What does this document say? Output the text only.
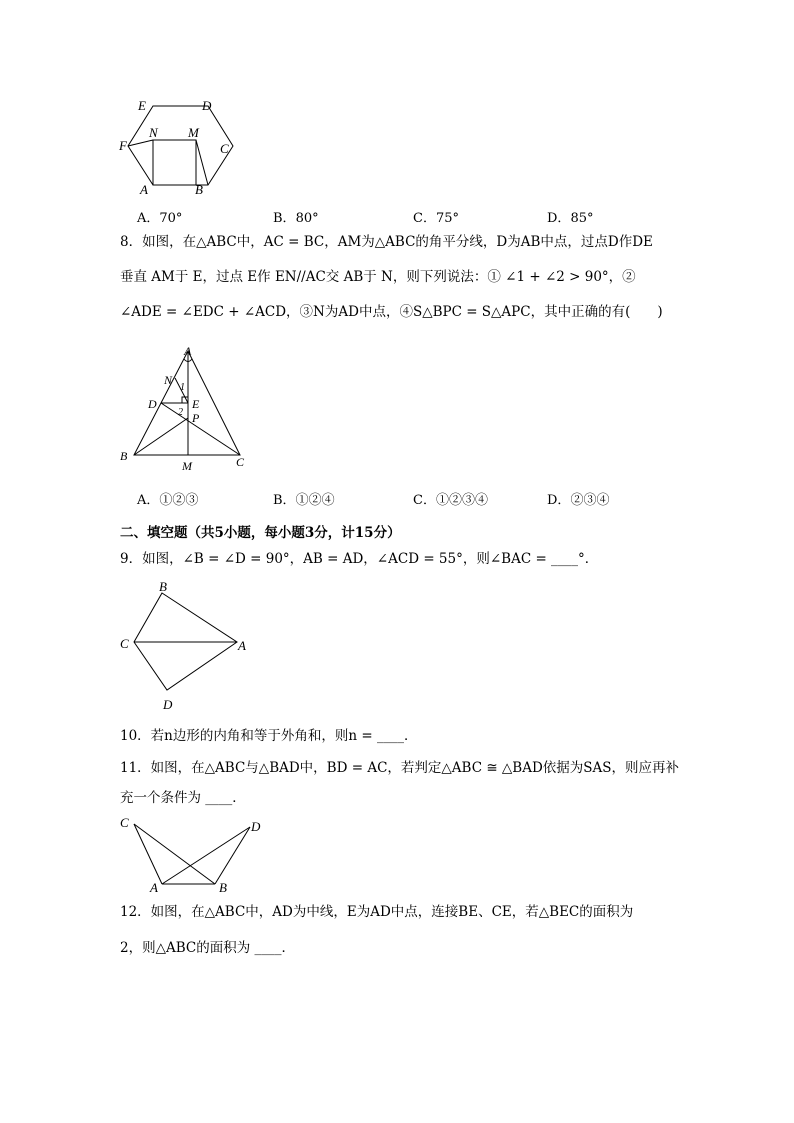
E	D
N M
F	C
A	B
A．70°	B．80°	C．75°	D．85°
8．如图，在△ABC中，AC = BC，AM为△ABC的角平分线，D为AB中点，过点D作DE
垂直 AM于 E，过点 E作 EN//AC交 AB于 N，则下列说法：① ∠1 + ∠2 > 90°，②
∠ADE = ∠EDC + ∠ACD，③N为AD中点，④S△BPC = S△APC，其中正确的有(　　)
A
N
1
D	E
2 P
B
M	C
A．①②③	B．①②④	C．①②③④	D．②③④
二、填空题（共5小题，每小题3分，计15分）
9．如图，∠B = ∠D = 90°，AB = AD，∠ACD = 55°，则∠BAC = ____°．
B
C	A
D
10．若n边形的内角和等于外角和，则n = ____．
11．如图，在△ABC与△BAD中，BD = AC，若判定△ABC ≅ △BAD依据为SAS，则应再补
充一个条件为 ____．
C	D
A	B
12．如图，在△ABC中，AD为中线，E为AD中点，连接BE、CE，若△BEC的面积为
2，则△ABC的面积为 ____．
